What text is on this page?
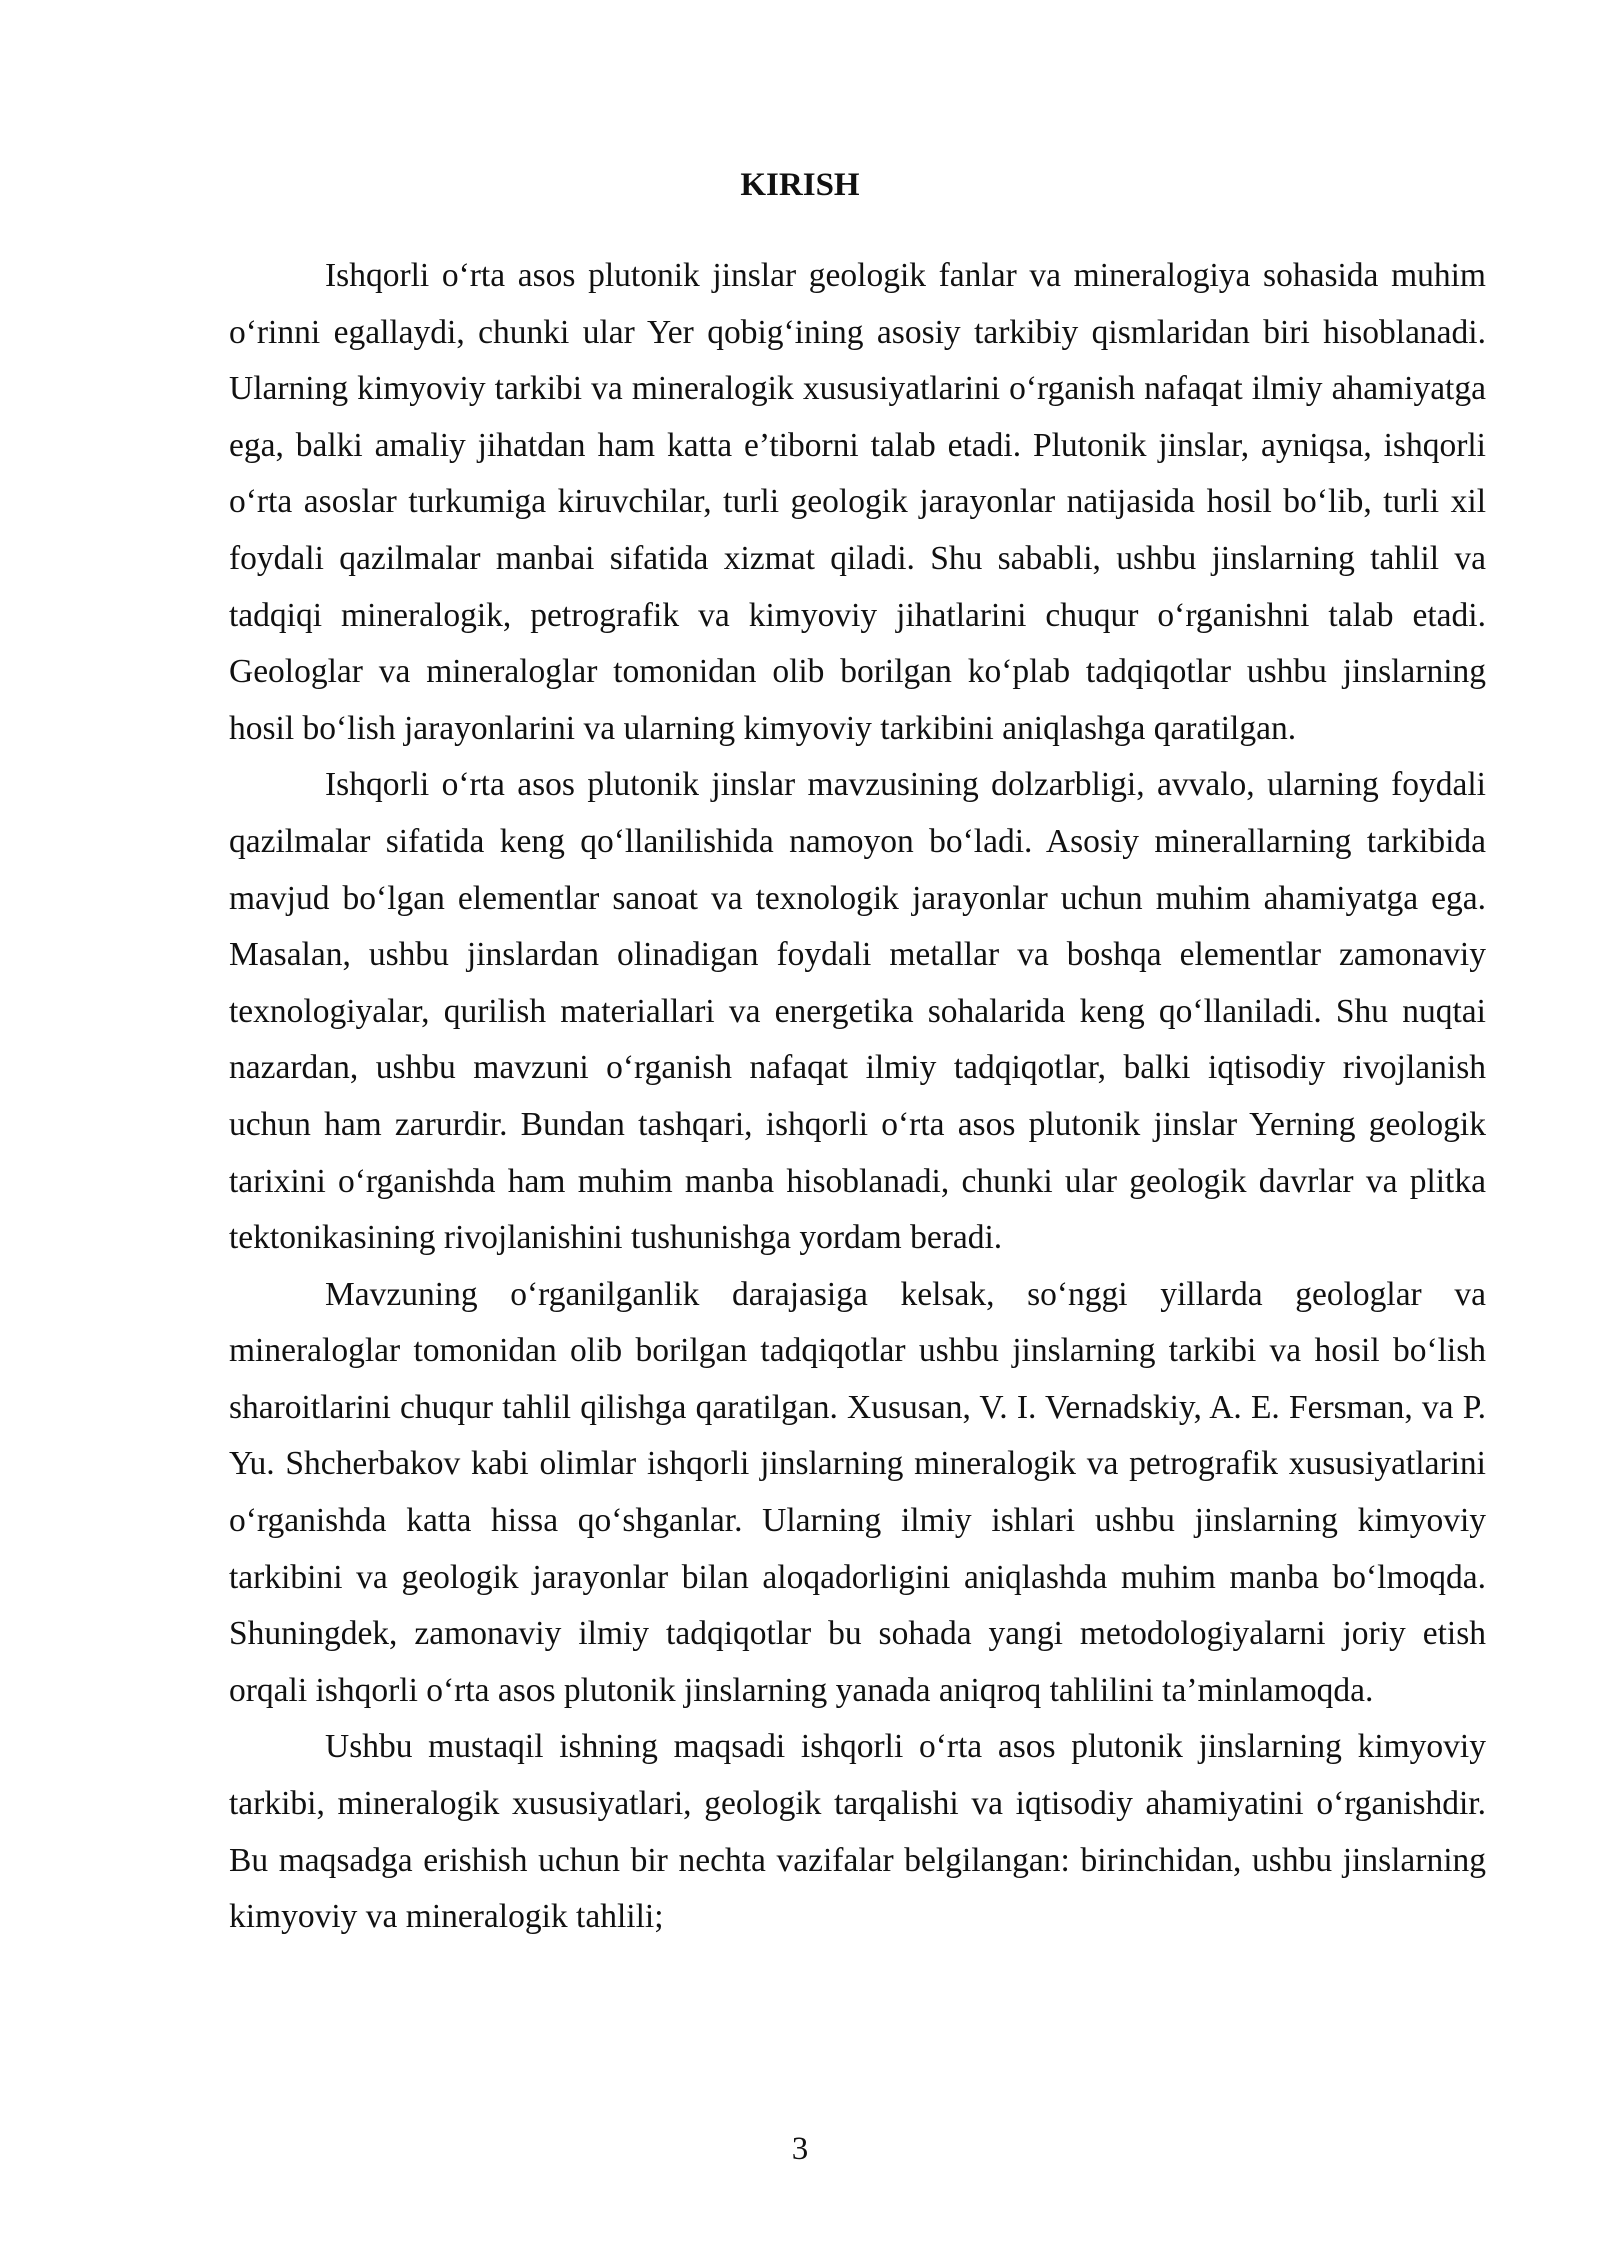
KIRISH

Ishqorli o‘rta asos plutonik jinslar geologik fanlar va mineralogiya sohasida muhim o‘rinni egallaydi, chunki ular Yer qobig‘ining asosiy tarkibiy qismlaridan biri hisoblanadi. Ularning kimyoviy tarkibi va mineralogik xususiyatlarini o‘rganish nafaqat ilmiy ahamiyatga ega, balki amaliy jihatdan ham katta e’tiborni talab etadi. Plutonik jinslar, ayniqsa, ishqorli o‘rta asoslar turkumiga kiruvchilar, turli geologik jarayonlar natijasida hosil bo‘lib, turli xil foydali qazilmalar manbai sifatida xizmat qiladi. Shu sababli, ushbu jinslarning tahlil va tadqiqi mineralogik, petrografik va kimyoviy jihatlarini chuqur o‘rganishni talab etadi. Geologlar va mineraloglar tomonidan olib borilgan ko‘plab tadqiqotlar ushbu jinslarning hosil bo‘lish jarayonlarini va ularning kimyoviy tarkibini aniqlashga qaratilgan.

Ishqorli o‘rta asos plutonik jinslar mavzusining dolzarbligi, avvalo, ularning foydali qazilmalar sifatida keng qo‘llanilishida namoyon bo‘ladi. Asosiy minerallarning tarkibida mavjud bo‘lgan elementlar sanoat va texnologik jarayonlar uchun muhim ahamiyatga ega. Masalan, ushbu jinslardan olinadigan foydali metallar va boshqa elementlar zamonaviy texnologiyalar, qurilish materiallari va energetika sohalarida keng qo‘llaniladi. Shu nuqtai nazardan, ushbu mavzuni o‘rganish nafaqat ilmiy tadqiqotlar, balki iqtisodiy rivojlanish uchun ham zarurdir. Bundan tashqari, ishqorli o‘rta asos plutonik jinslar Yerning geologik tarixini o‘rganishda ham muhim manba hisoblanadi, chunki ular geologik davrlar va plitka tektonikasining rivojlanishini tushunishga yordam beradi.

Mavzuning o‘rganilganlik darajasiga kelsak, so‘nggi yillarda geologlar va mineraloglar tomonidan olib borilgan tadqiqotlar ushbu jinslarning tarkibi va hosil bo‘lish sharoitlarini chuqur tahlil qilishga qaratilgan. Xususan, V. I. Vernadskiy, A. E. Fersman, va P. Yu. Shcherbakov kabi olimlar ishqorli jinslarning mineralogik va petrografik xususiyatlarini o‘rganishda katta hissa qo‘shganlar. Ularning ilmiy ishlari ushbu jinslarning kimyoviy tarkibini va geologik jarayonlar bilan aloqadorligini aniqlashda muhim manba bo‘lmoqda. Shuningdek, zamonaviy ilmiy tadqiqotlar bu sohada yangi metodologiyalarni joriy etish orqali ishqorli o‘rta asos plutonik jinslarning yanada aniqroq tahlilini ta’minlamoqda.

Ushbu mustaqil ishning maqsadi ishqorli o‘rta asos plutonik jinslarning kimyoviy tarkibi, mineralogik xususiyatlari, geologik tarqalishi va iqtisodiy ahamiyatini o‘rganishdir. Bu maqsadga erishish uchun bir nechta vazifalar belgilangan: birinchidan, ushbu jinslarning kimyoviy va mineralogik tahlili;

3
